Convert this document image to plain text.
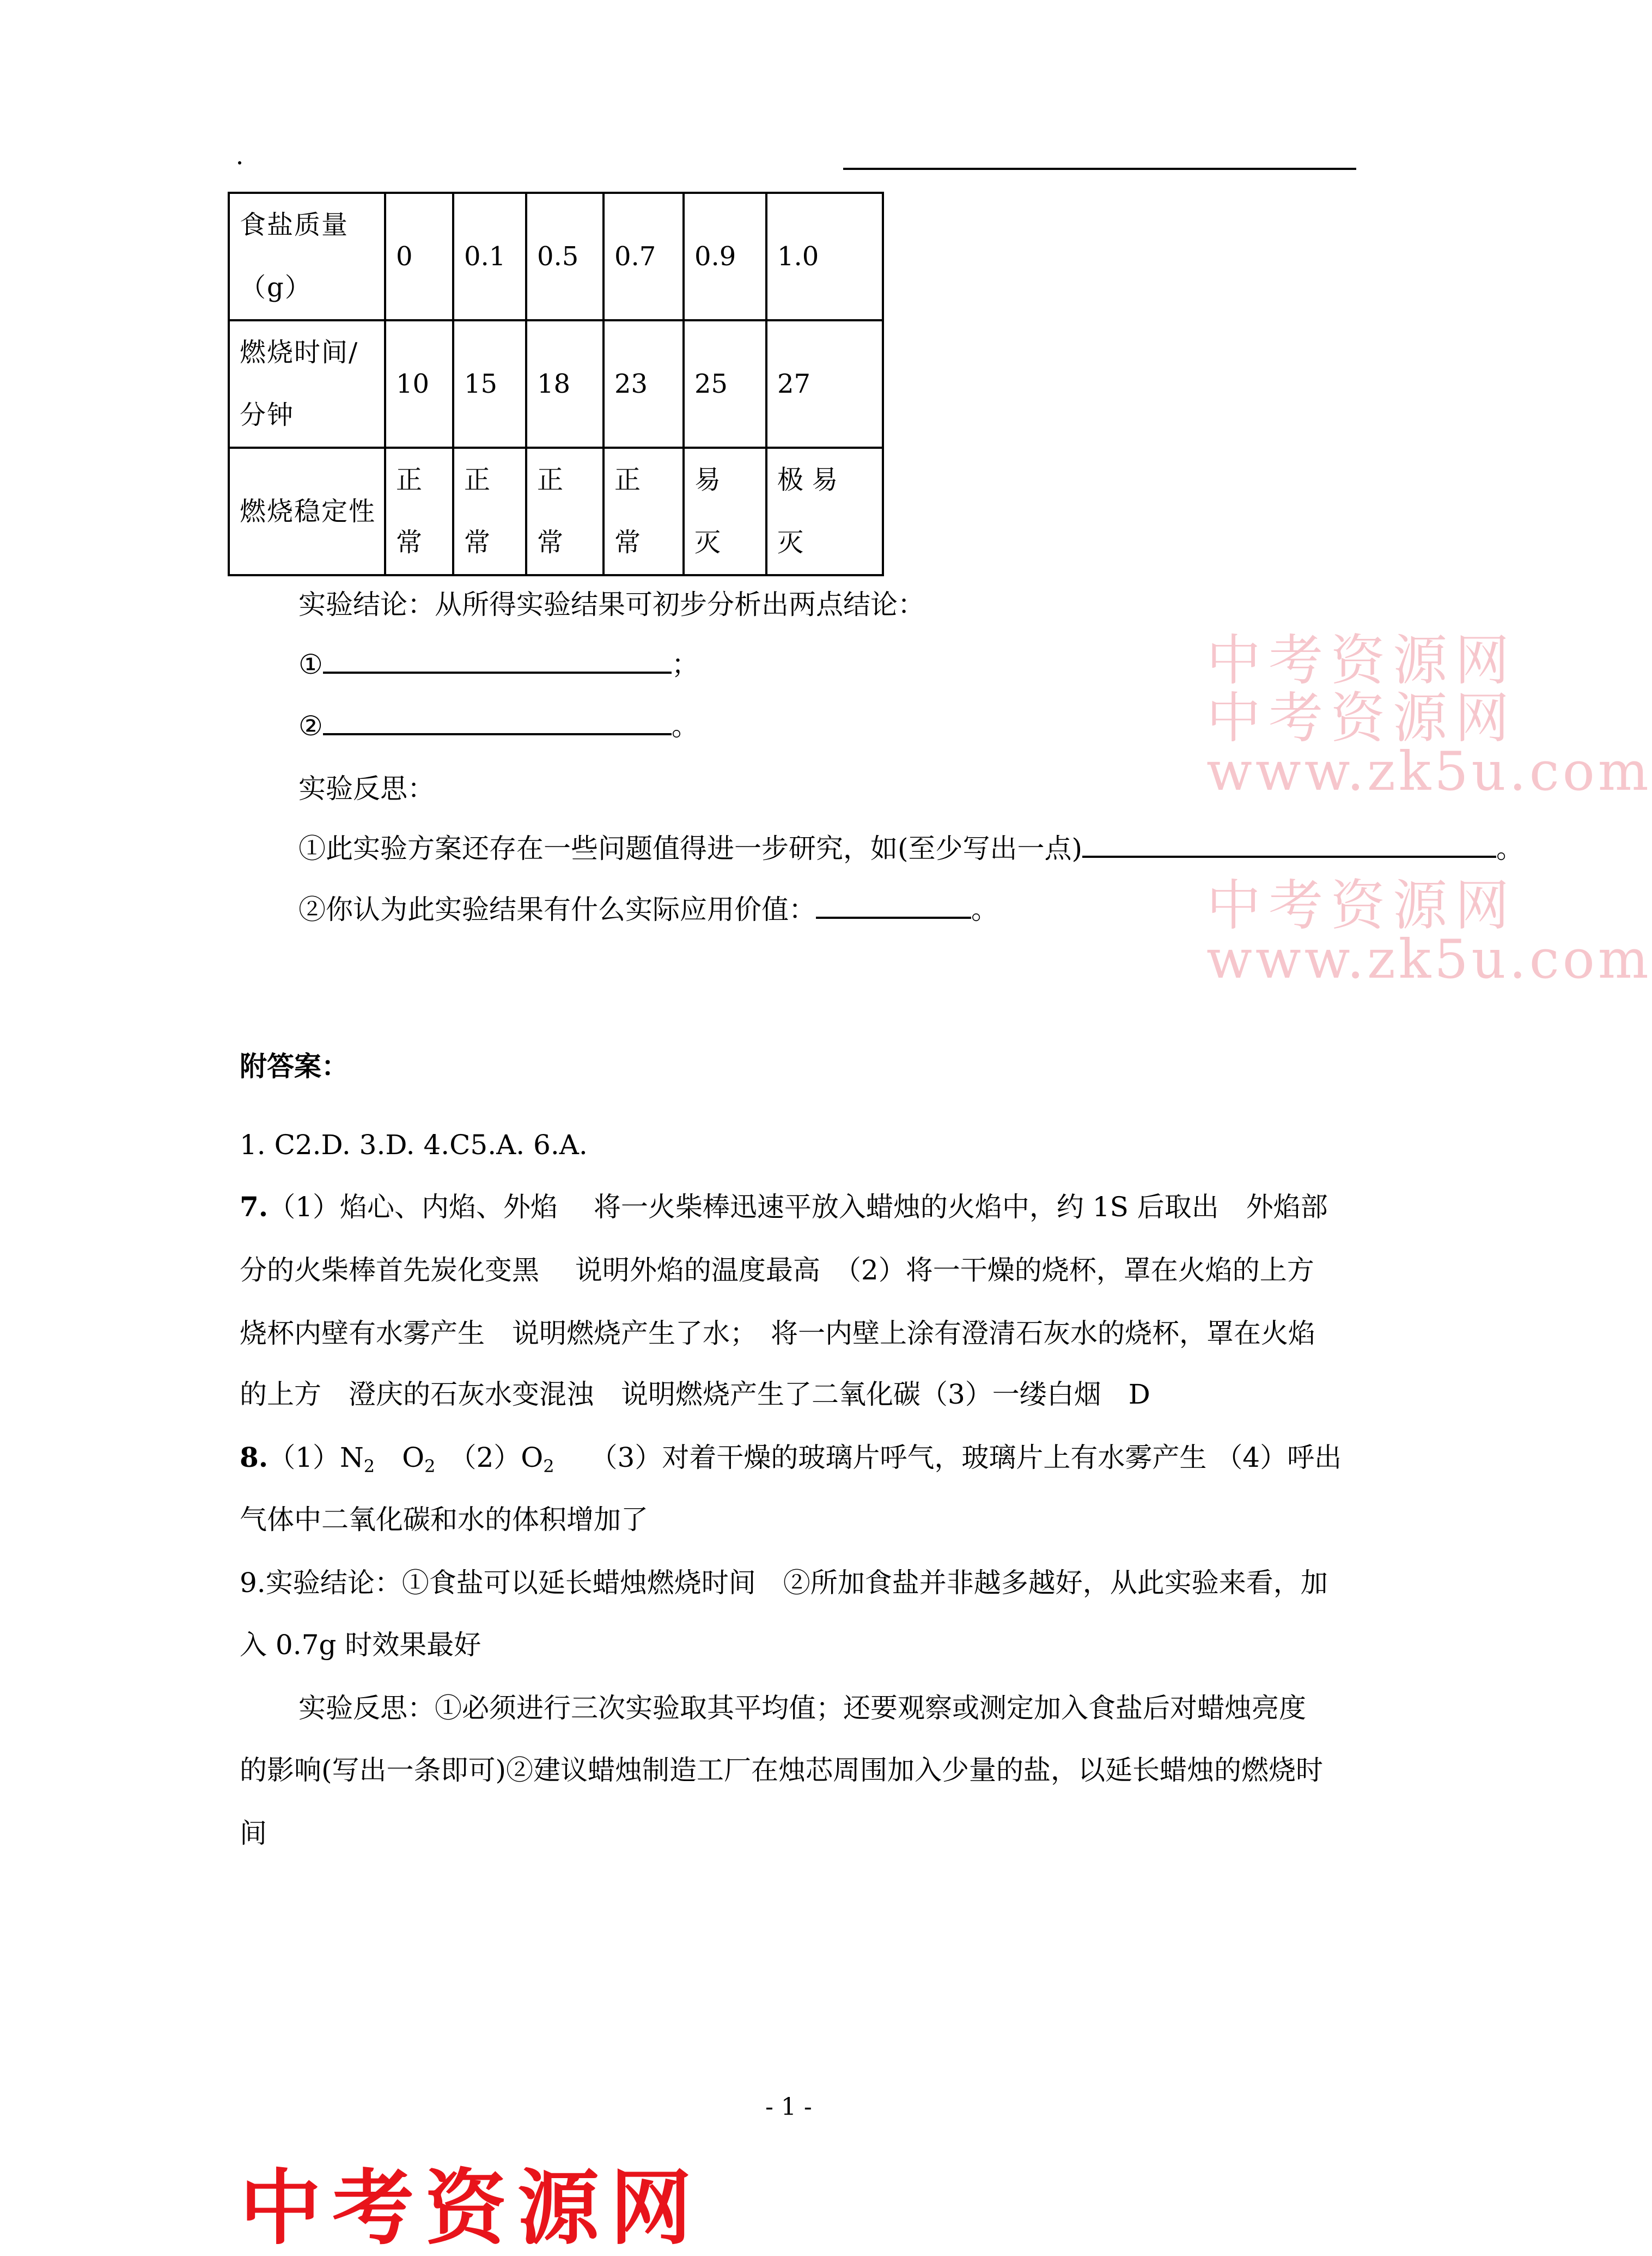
食盐质量（g）	0	0.1	0.5	0.7	0.9	1.0
燃烧时间/分钟	10	15	18	23	25	27
燃烧稳定性	正常	正常	正常	正常	易灭	极 易灭
中考资源网
中考资源网
www.zk5u.com
中考资源网
www.zk5u.com
实验结论：从所得实验结果可初步分析出两点结论：
①	；
②	。
实验反思：
①此实验方案还存在一些问题值得进一步研究，如(至少写出一点)	。
②你认为此实验结果有什么实际应用价值：	。
附答案：
1. C2.D. 3.D. 4.C5.A. 6.A.
7.（1）焰心、内焰、外焰　 将一火柴棒迅速平放入蜡烛的火焰中，约 1S 后取出　外焰部
分的火柴棒首先炭化变黑　 说明外焰的温度最高　（2）将一干燥的烧杯，罩在火焰的上方
烧杯内壁有水雾产生　说明燃烧产生了水；　将一内壁上涂有澄清石灰水的烧杯，罩在火焰
的上方　澄庆的石灰水变混浊　说明燃烧产生了二氧化碳（3）一缕白烟　D
$8.(1)N_2$　$O_2$　$(2)O_2$　 （3）对着干燥的玻璃片呼气，玻璃片上有水雾产生 （4）呼出
气体中二氧化碳和水的体积增加了
9.实验结论：①食盐可以延长蜡烛燃烧时间　②所加食盐并非越多越好，从此实验来看，加
入 0.7g 时效果最好
实验反思：①必须进行三次实验取其平均值；还要观察或测定加入食盐后对蜡烛亮度
的影响(写出一条即可)②建议蜡烛制造工厂在烛芯周围加入少量的盐，以延长蜡烛的燃烧时
间
- 1 -
中考资源网
